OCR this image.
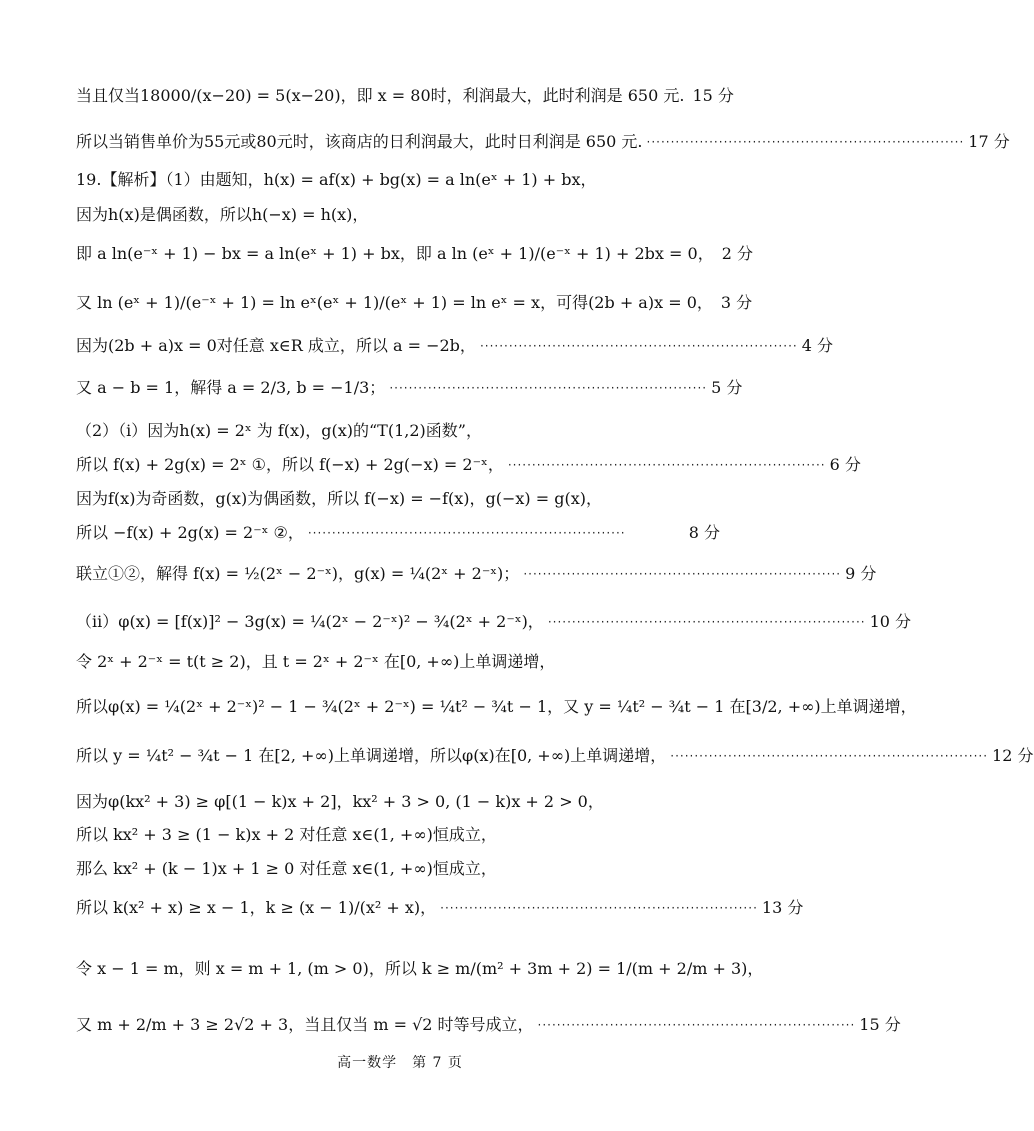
当且仅当18000/(x−20) = 5(x−20)，即 x = 80时，利润最大，此时利润是 650 元. 15 分
所以当销售单价为55元或80元时，该商店的日利润最大，此时日利润是 650 元. ·································································· 17 分
19.【解析】（1）由题知，h(x) = af(x) + bg(x) = a ln(eˣ + 1) + bx，
因为h(x)是偶函数，所以h(−x) = h(x)，
即 a ln(e⁻ˣ + 1) − bx = a ln(eˣ + 1) + bx，即 a ln (eˣ + 1)/(e⁻ˣ + 1) + 2bx = 0， 2 分
又 ln (eˣ + 1)/(e⁻ˣ + 1) = ln eˣ(eˣ + 1)/(eˣ + 1) = ln eˣ = x，可得(2b + a)x = 0， 3 分
因为(2b + a)x = 0对任意 x∈R 成立，所以 a = −2b， ·································································· 4 分
又 a − b = 1，解得 a = 2/3, b = −1/3； ·································································· 5 分
（2）（i）因为h(x) = 2ˣ 为 f(x)，g(x)的“T(1,2)函数”，
所以 f(x) + 2g(x) = 2ˣ ①，所以 f(−x) + 2g(−x) = 2⁻ˣ， ·································································· 6 分
因为f(x)为奇函数，g(x)为偶函数，所以 f(−x) = −f(x)，g(−x) = g(x)，
所以 −f(x) + 2g(x) = 2⁻ˣ ②， ··································································	8 分
联立①②，解得 f(x) = ½(2ˣ − 2⁻ˣ)，g(x) = ¼(2ˣ + 2⁻ˣ)； ·································································· 9 分
（ii）φ(x) = [f(x)]² − 3g(x) = ¼(2ˣ − 2⁻ˣ)² − ¾(2ˣ + 2⁻ˣ)， ·································································· 10 分
令 2ˣ + 2⁻ˣ = t(t ≥ 2)，且 t = 2ˣ + 2⁻ˣ 在[0, +∞)上单调递增，
所以φ(x) = ¼(2ˣ + 2⁻ˣ)² − 1 − ¾(2ˣ + 2⁻ˣ) = ¼t² − ¾t − 1，又 y = ¼t² − ¾t − 1 在[3/2, +∞)上单调递增，
所以 y = ¼t² − ¾t − 1 在[2, +∞)上单调递增，所以φ(x)在[0, +∞)上单调递增， ·································································· 12 分
因为φ(kx² + 3) ≥ φ[(1 − k)x + 2]，kx² + 3 > 0, (1 − k)x + 2 > 0，
所以 kx² + 3 ≥ (1 − k)x + 2 对任意 x∈(1, +∞)恒成立，
那么 kx² + (k − 1)x + 1 ≥ 0 对任意 x∈(1, +∞)恒成立，
所以 k(x² + x) ≥ x − 1，k ≥ (x − 1)/(x² + x)， ·································································· 13 分
令 x − 1 = m，则 x = m + 1, (m > 0)，所以 k ≥ m/(m² + 3m + 2) = 1/(m + 2/m + 3)，
又 m + 2/m + 3 ≥ 2√2 + 3，当且仅当 m = √2 时等号成立， ·································································· 15 分
高一数学　第 7 页
